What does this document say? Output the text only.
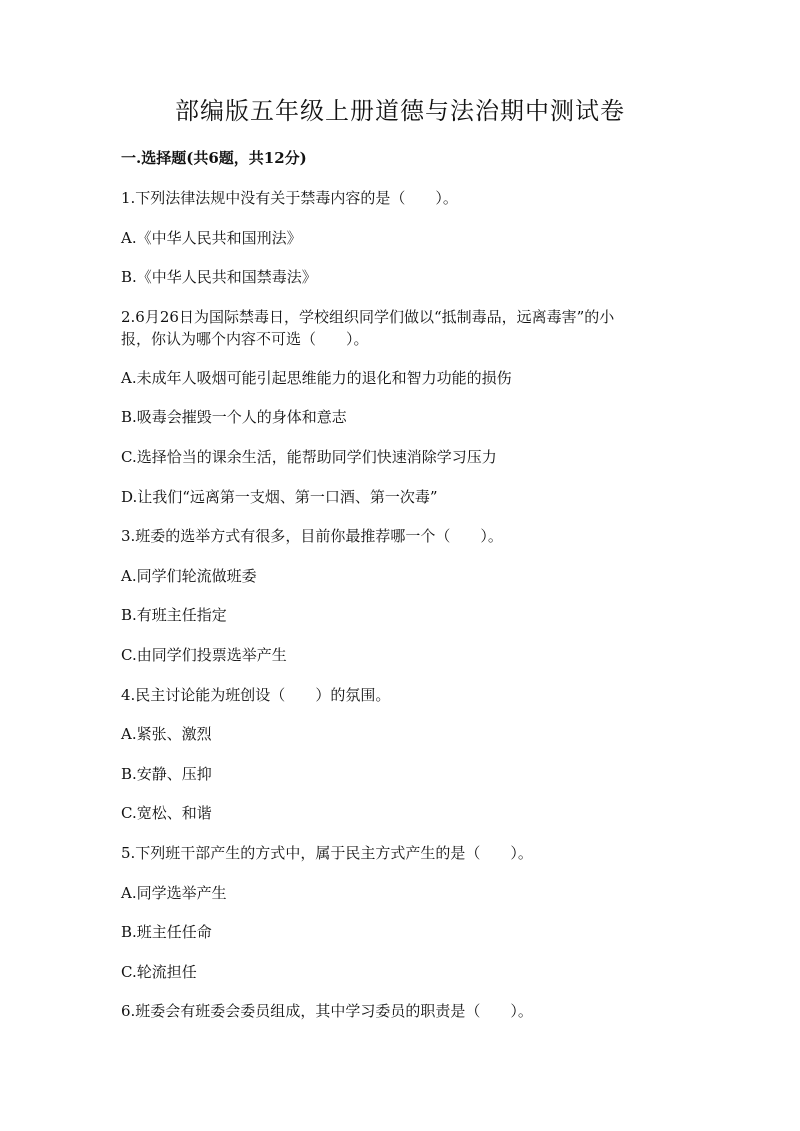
部编版五年级上册道德与法治期中测试卷

一.选择题(共6题，共12分)

1.下列法律法规中没有关于禁毒内容的是（　　）。

A.《中华人民共和国刑法》

B.《中华人民共和国禁毒法》

2.6月26日为国际禁毒日，学校组织同学们做以“抵制毒品，远离毒害”的小

报，你认为哪个内容不可选（　　）。

A.未成年人吸烟可能引起思维能力的退化和智力功能的损伤

B.吸毒会摧毁一个人的身体和意志

C.选择恰当的课余生活，能帮助同学们快速消除学习压力

D.让我们“远离第一支烟、第一口酒、第一次毒”

3.班委的选举方式有很多，目前你最推荐哪一个（　　）。

A.同学们轮流做班委

B.有班主任指定

C.由同学们投票选举产生

4.民主讨论能为班创设（　　）的氛围。

A.紧张、激烈

B.安静、压抑

C.宽松、和谐

5.下列班干部产生的方式中，属于民主方式产生的是（　　）。

A.同学选举产生

B.班主任任命

C.轮流担任

6.班委会有班委会委员组成，其中学习委员的职责是（　　）。
